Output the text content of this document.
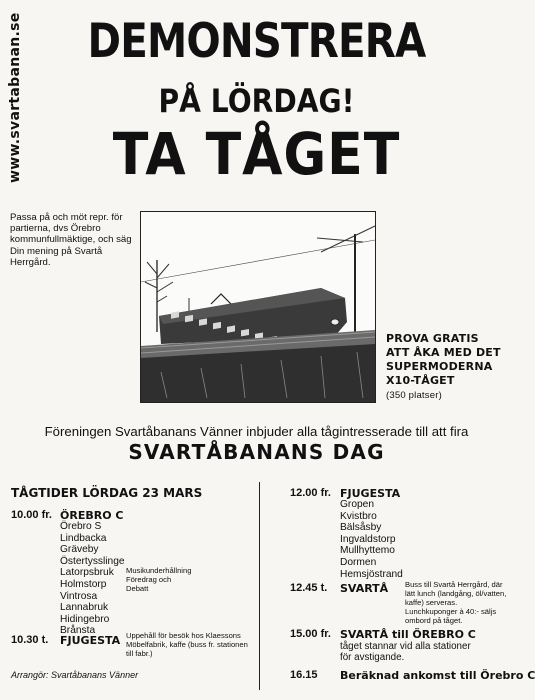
www.svartabanan.se	DEMONSTRERA
PÅ LÖRDAG!
TA TÅGET
Passa på och möt repr. för partierna, dvs Örebro kommunfullmäktige, och säg Din mening på Svartå Herrgård.
PROVA GRATIS
ATT ÅKA MED DET
SUPERMODERNA
X10-TÅGET
(350 platser)
Föreningen Svartåbanans Vänner inbjuder alla tågintresserade till att fira
SVARTÅBANANS DAG
TÅGTIDER LÖRDAG 23 MARS
10.00 fr. ÖREBRO C
Örebro S
Lindbacka
Gräveby
Östertysslinge
Latorpsbruk
Holmstorp
Vintrosa
Lannabruk
Hidingebro
Brånsta
Musikunderhållning
Föredrag och
Debatt
10.30 t. FJUGESTA Uppehåll för besök hos Klaessons Möbelfabrik, kaffe (buss fr. stationen till fabr.)
Arrangör: Svartåbanans Vänner
12.00 fr. FJUGESTA
Gropen
Kvistbro
Bälsåsby
Ingvaldstorp
Mullhyttemo
Dormen
Hemsjöstrand
12.45 t. SVARTÅ Buss till Svartå Herrgård, där lätt lunch (landgång, öl/vatten, kaffe) serveras. Lunchkuponger à 40:- säljs ombord på tåget.
15.00 fr. SVARTÅ till ÖREBRO C
tåget stannar vid alla stationer
för avstigande.
16.15 Beräknad ankomst till Örebro C
